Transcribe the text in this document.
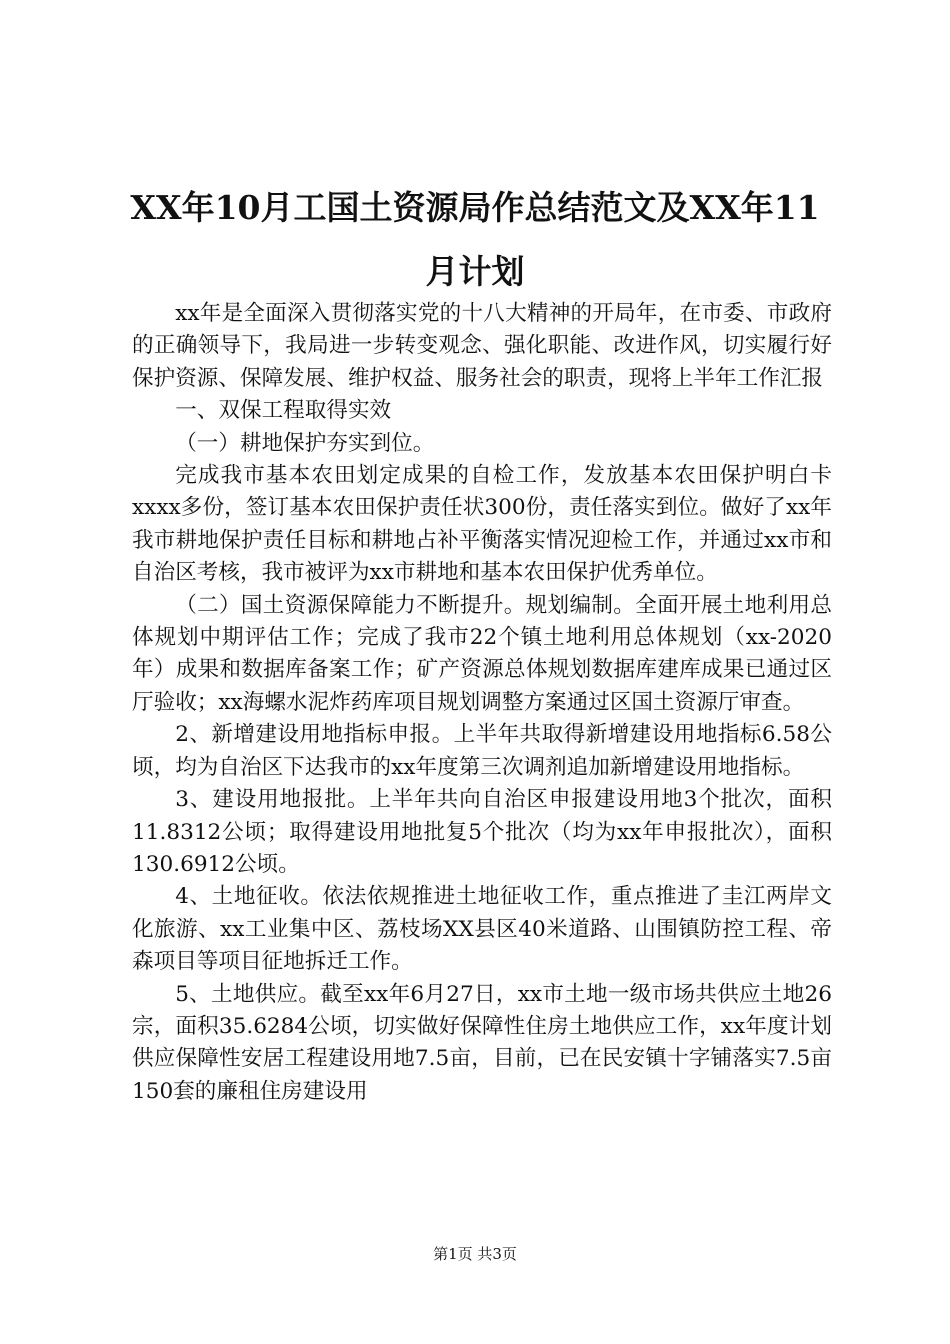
XX年10月工国土资源局作总结范文及XX年11月计划

xx年是全面深入贯彻落实党的十八大精神的开局年，在市委、市政府的正确领导下，我局进一步转变观念、强化职能、改进作风，切实履行好保护资源、保障发展、维护权益、服务社会的职责，现将上半年工作汇报

一、双保工程取得实效

（一）耕地保护夯实到位。

完成我市基本农田划定成果的自检工作，发放基本农田保护明白卡xxxx多份，签订基本农田保护责任状300份，责任落实到位。做好了xx年我市耕地保护责任目标和耕地占补平衡落实情况迎检工作，并通过xx市和自治区考核，我市被评为xx市耕地和基本农田保护优秀单位。

（二）国土资源保障能力不断提升。规划编制。全面开展土地利用总体规划中期评估工作；完成了我市22个镇土地利用总体规划（xx-2020年）成果和数据库备案工作；矿产资源总体规划数据库建库成果已通过区厅验收；xx海螺水泥炸药库项目规划调整方案通过区国土资源厅审查。

2、新增建设用地指标申报。上半年共取得新增建设用地指标6.58公顷，均为自治区下达我市的xx年度第三次调剂追加新增建设用地指标。

3、建设用地报批。上半年共向自治区申报建设用地3个批次，面积11.8312公顷；取得建设用地批复5个批次（均为xx年申报批次），面积130.6912公顷。

4、土地征收。依法依规推进土地征收工作，重点推进了圭江两岸文化旅游、xx工业集中区、荔枝场XX县区40米道路、山围镇防控工程、帝森项目等项目征地拆迁工作。

5、土地供应。截至xx年6月27日，xx市土地一级市场共供应土地26宗，面积35.6284公顷，切实做好保障性住房土地供应工作，xx年度计划供应保障性安居工程建设用地7.5亩，目前，已在民安镇十字铺落实7.5亩150套的廉租住房建设用

第1页 共3页
